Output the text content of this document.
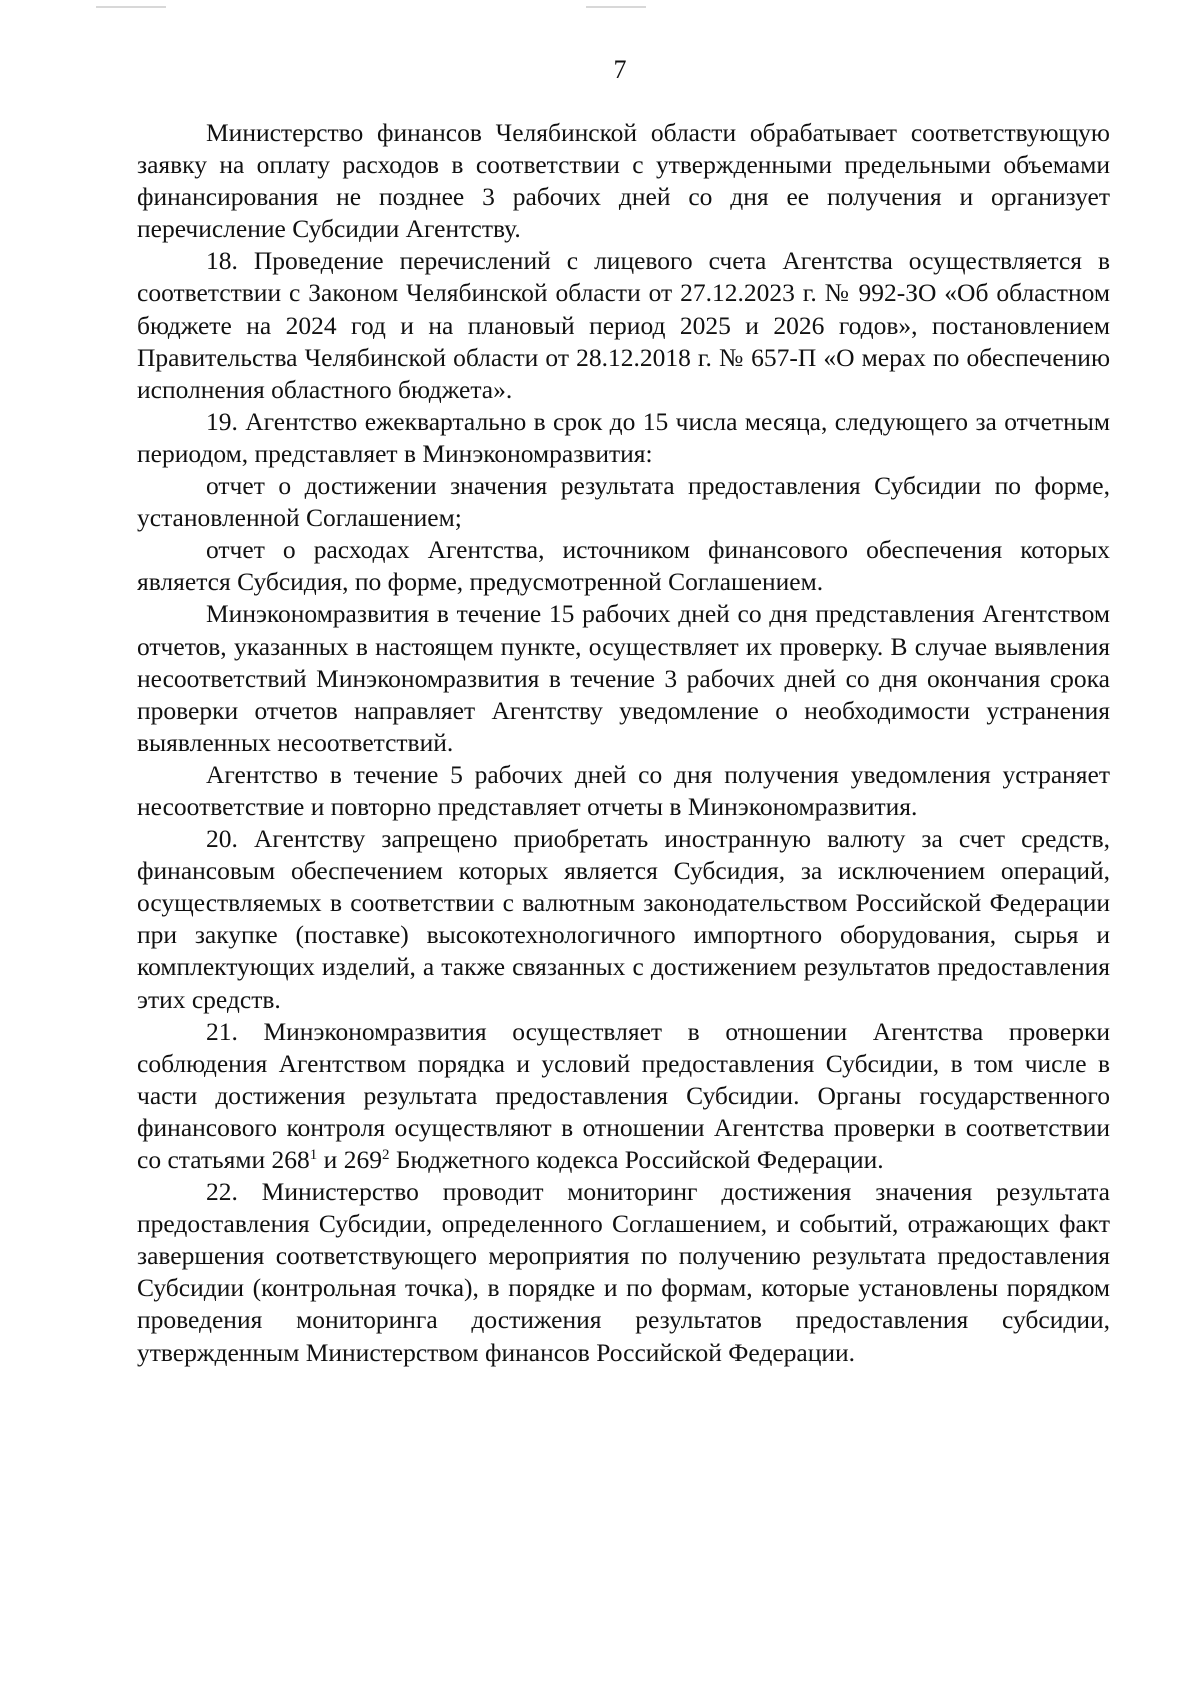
7

Министерство финансов Челябинской области обрабатывает соответствующую заявку на оплату расходов в соответствии с утвержденными предельными объемами финансирования не позднее 3 рабочих дней со дня ее получения и организует перечисление Субсидии Агентству.

18. Проведение перечислений с лицевого счета Агентства осуществляется в соответствии с Законом Челябинской области от 27.12.2023 г. № 992-ЗО «Об областном бюджете на 2024 год и на плановый период 2025 и 2026 годов», постановлением Правительства Челябинской области от 28.12.2018 г. № 657-П «О мерах по обеспечению исполнения областного бюджета».

19. Агентство ежеквартально в срок до 15 числа месяца, следующего за отчетным периодом, представляет в Минэкономразвития:

отчет о достижении значения результата предоставления Субсидии по форме, установленной Соглашением;

отчет о расходах Агентства, источником финансового обеспечения которых является Субсидия, по форме, предусмотренной Соглашением.

Минэкономразвития в течение 15 рабочих дней со дня представления Агентством отчетов, указанных в настоящем пункте, осуществляет их проверку. В случае выявления несоответствий Минэкономразвития в течение 3 рабочих дней со дня окончания срока проверки отчетов направляет Агентству уведомление о необходимости устранения выявленных несоответствий.

Агентство в течение 5 рабочих дней со дня получения уведомления устраняет несоответствие и повторно представляет отчеты в Минэкономразвития.

20. Агентству запрещено приобретать иностранную валюту за счет средств, финансовым обеспечением которых является Субсидия, за исключением операций, осуществляемых в соответствии с валютным законодательством Российской Федерации при закупке (поставке) высокотехнологичного импортного оборудования, сырья и комплектующих изделий, а также связанных с достижением результатов предоставления этих средств.

21. Минэкономразвития осуществляет в отношении Агентства проверки соблюдения Агентством порядка и условий предоставления Субсидии, в том числе в части достижения результата предоставления Субсидии. Органы государственного финансового контроля осуществляют в отношении Агентства проверки в соответствии со статьями $268^1$ и $269^2$ Бюджетного кодекса Российской Федерации.

22. Министерство проводит мониторинг достижения значения результата предоставления Субсидии, определенного Соглашением, и событий, отражающих факт завершения соответствующего мероприятия по получению результата предоставления Субсидии (контрольная точка), в порядке и по формам, которые установлены порядком проведения мониторинга достижения результатов предоставления субсидии, утвержденным Министерством финансов Российской Федерации.
